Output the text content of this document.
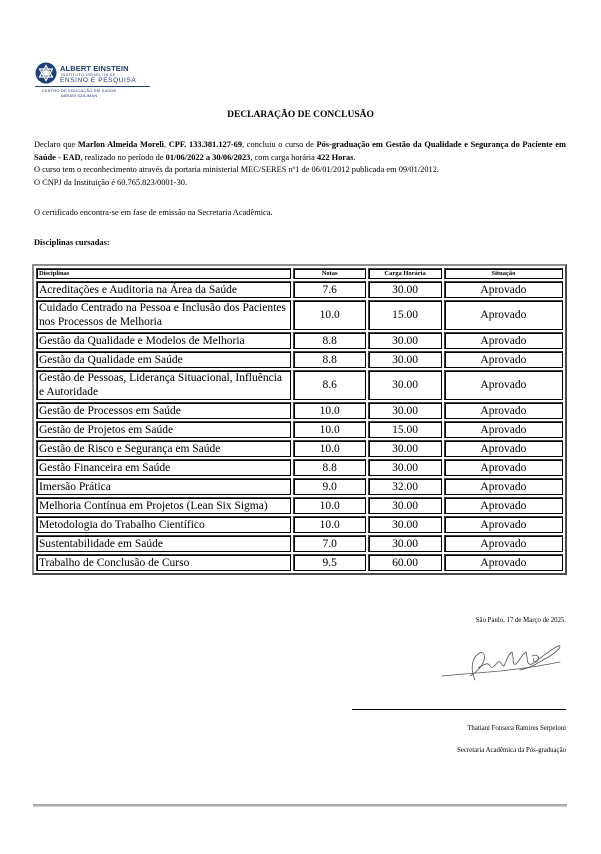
ALBERT EINSTEIN
INSTITUTO ISRAELITA DE
ENSINO E PESQUISA
CENTRO DE EDUCAÇÃO EM SAÚDE
ABRAM SZAJMAN
DECLARAÇÃO DE CONCLUSÃO
Declaro que Marlon Almeida Moreli, CPF. 133.381.127-69, concluiu o curso de Pós-graduação em Gestão da Qualidade e Segurança do Paciente em Saúde - EAD, realizado no período de 01/06/2022 a 30/06/2023, com carga horária 422 Horas.
O curso tem o reconhecimento através da portaria ministerial MEC/SERES nº1 de 06/01/2012 publicada em 09/01/2012.
O CNPJ da Instituição é 60.765.823/0001-30.
O certificado encontra-se em fase de emissão na Secretaria Acadêmica.
Disciplinas cursadas:
Disciplinas	Notas	Carga Horária	Situação
Acreditações e Auditoria na Área da Saúde	7.6	30.00	Aprovado
Cuidado Centrado na Pessoa e Inclusão dos Pacientes nos Processos de Melhoria	10.0	15.00	Aprovado
Gestão da Qualidade e Modelos de Melhoria	8.8	30.00	Aprovado
Gestão da Qualidade em Saúde	8.8	30.00	Aprovado
Gestão de Pessoas, Liderança Situacional, Influência e Autoridade	8.6	30.00	Aprovado
Gestão de Processos em Saúde	10.0	30.00	Aprovado
Gestão de Projetos em Saúde	10.0	15.00	Aprovado
Gestão de Risco e Segurança em Saúde	10.0	30.00	Aprovado
Gestão Financeira em Saúde	8.8	30.00	Aprovado
Imersão Prática	9.0	32.00	Aprovado
Melhoria Contínua em Projetos (Lean Six Sigma)	10.0	30.00	Aprovado
Metodologia do Trabalho Científico	10.0	30.00	Aprovado
Sustentabilidade em Saúde	7.0	30.00	Aprovado
Trabalho de Conclusão de Curso	9.5	60.00	Aprovado
São Paulo, 17 de Março de 2025.
Thatiani Fonseca Ramires Serpeloni
Secretaria Acadêmica da Pós-graduação
